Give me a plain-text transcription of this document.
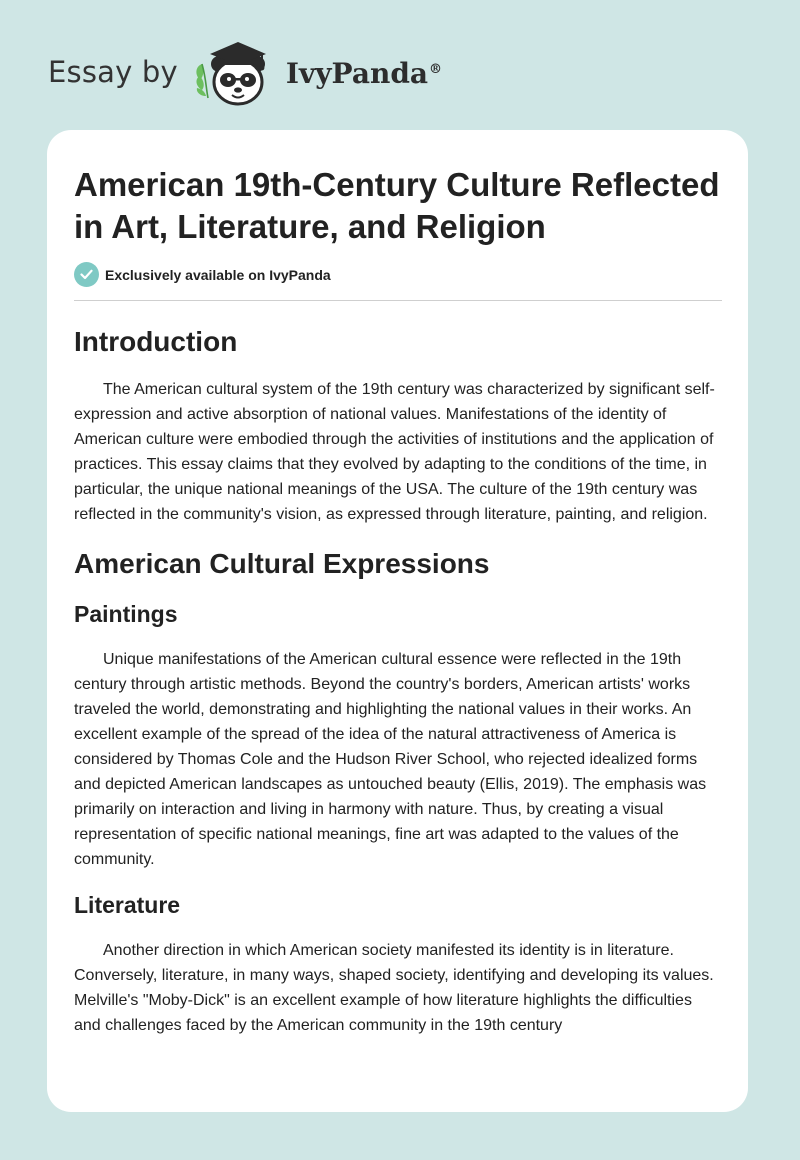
Essay by	IvyPanda®
American 19th-Century Culture Reflected in Art, Literature, and Religion
Exclusively available on IvyPanda
Introduction

The American cultural system of the 19th century was characterized by significant self-expression and active absorption of national values. Manifestations of the identity of American culture were embodied through the activities of institutions and the application of practices. This essay claims that they evolved by adapting to the conditions of the time, in particular, the unique national meanings of the USA. The culture of the 19th century was reflected in the community's vision, as expressed through literature, painting, and religion.

American Cultural Expressions
Paintings

Unique manifestations of the American cultural essence were reflected in the 19th century through artistic methods. Beyond the country's borders, American artists' works traveled the world, demonstrating and highlighting the national values in their works. An excellent example of the spread of the idea of the natural attractiveness of America is considered by Thomas Cole and the Hudson River School, who rejected idealized forms and depicted American landscapes as untouched beauty (Ellis, 2019). The emphasis was primarily on interaction and living in harmony with nature. Thus, by creating a visual representation of specific national meanings, fine art was adapted to the values of the community.

Literature

Another direction in which American society manifested its identity is in literature. Conversely, literature, in many ways, shaped society, identifying and developing its values. Melville's "Moby-Dick" is an excellent example of how literature highlights the difficulties and challenges faced by the American community in the 19th century
